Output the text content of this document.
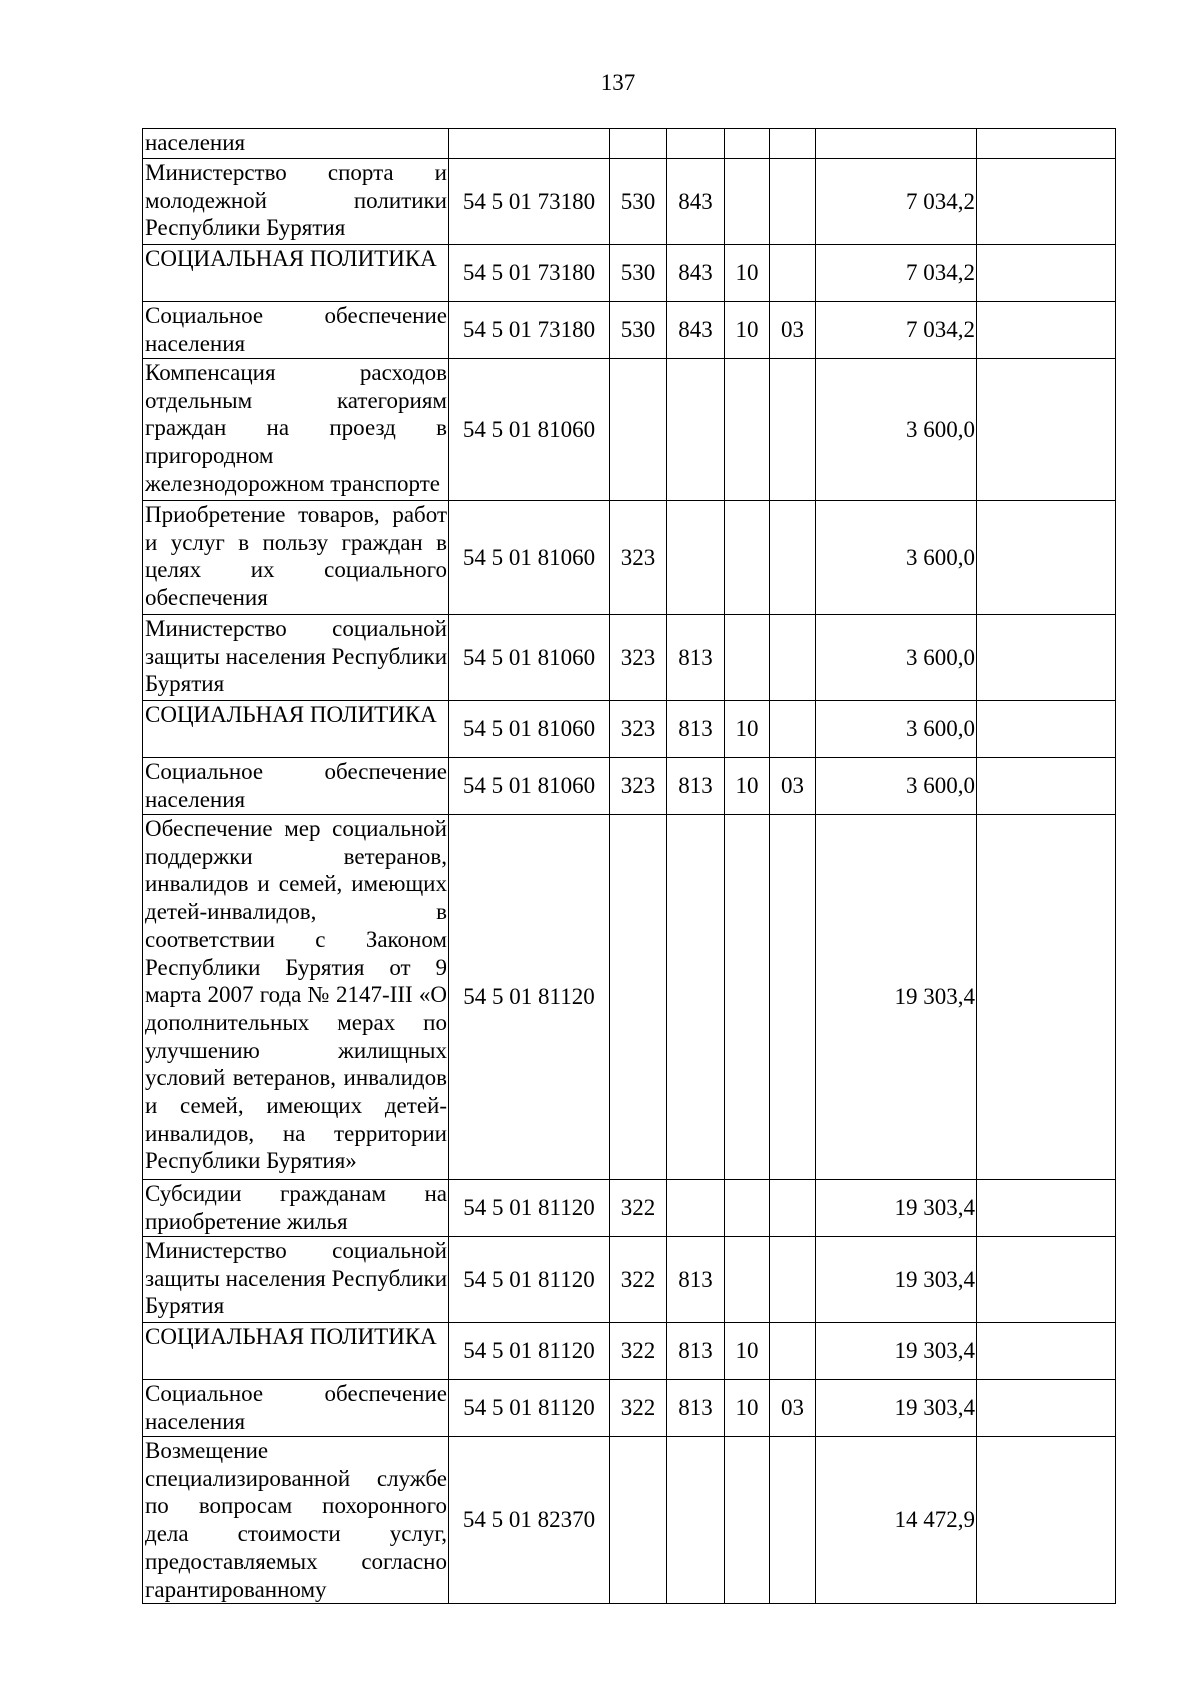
137
населения							
Министерство спорта и молодежной политики Республики Бурятия	54 5 01 73180	530	843			7 034,2	
СОЦИАЛЬНАЯ ПОЛИТИКА	54 5 01 73180	530	843	10		7 034,2	
Социальное обеспечение населения	54 5 01 73180	530	843	10	03	7 034,2	
Компенсация расходов отдельным категориям граждан на проезд в пригородном железнодорожном транспорте	54 5 01 81060					3 600,0	
Приобретение товаров, работ и услуг в пользу граждан в целях их социального обеспечения	54 5 01 81060	323				3 600,0	
Министерство социальной защиты населения Республики Бурятия	54 5 01 81060	323	813			3 600,0	
СОЦИАЛЬНАЯ ПОЛИТИКА	54 5 01 81060	323	813	10		3 600,0	
Социальное обеспечение населения	54 5 01 81060	323	813	10	03	3 600,0	
Обеспечение мер социальной поддержки ветеранов, инвалидов и семей, имеющих детей-инвалидов, в соответствии с Законом Республики Бурятия от 9 марта 2007 года № 2147-III «О дополнительных мерах по улучшению жилищных условий ветеранов, инвалидов и семей, имеющих детей-инвалидов, на территории Республики Бурятия»	54 5 01 81120					19 303,4	
Субсидии гражданам на приобретение жилья	54 5 01 81120	322				19 303,4	
Министерство социальной защиты населения Республики Бурятия	54 5 01 81120	322	813			19 303,4	
СОЦИАЛЬНАЯ ПОЛИТИКА	54 5 01 81120	322	813	10		19 303,4	
Социальное обеспечение населения	54 5 01 81120	322	813	10	03	19 303,4	
Возмещение специализированной службе по вопросам похоронного дела стоимости услуг, предоставляемых согласно гарантированному	54 5 01 82370					14 472,9	
